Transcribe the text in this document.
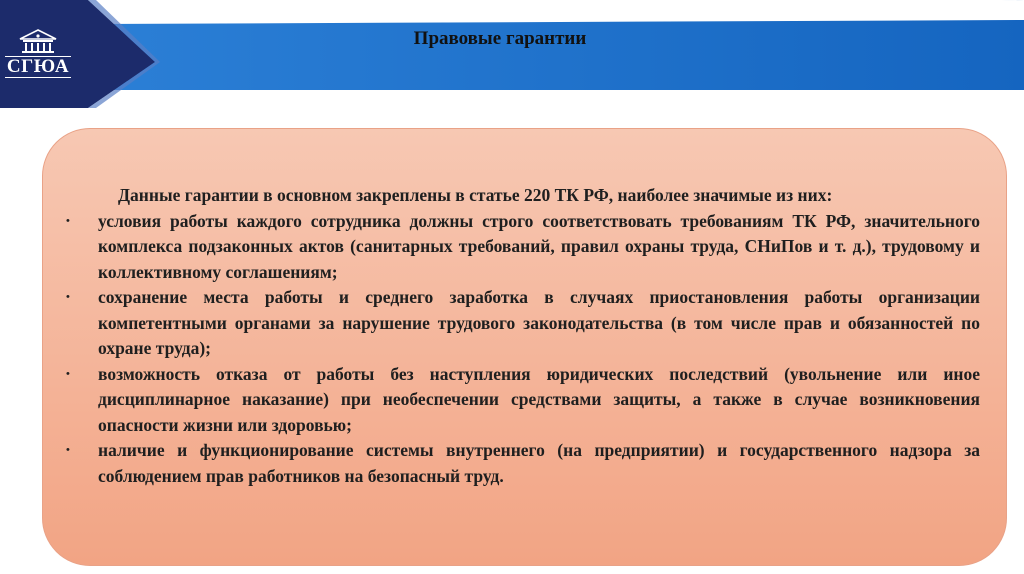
СГЮА
Правовые гарантии

Данные гарантии в основном закреплены в статье 220 ТК РФ, наиболее значимые из них:

• условия работы каждого сотрудника должны строго соответствовать требованиям ТК РФ, значительного комплекса подзаконных актов (санитарных требований, правил охраны труда, СНиПов и т. д.), трудовому и коллективному соглашениям;
• сохранение места работы и среднего заработка в случаях приостановления работы организации компетентными органами за нарушение трудового законодательства (в том числе прав и обязанностей по охране труда);
• возможность отказа от работы без наступления юридических последствий (увольнение или иное дисциплинарное наказание) при необеспечении средствами защиты, а также в случае возникновения опасности жизни или здоровью;
• наличие и функционирование системы внутреннего (на предприятии) и государственного надзора за соблюдением прав работников на безопасный труд.
